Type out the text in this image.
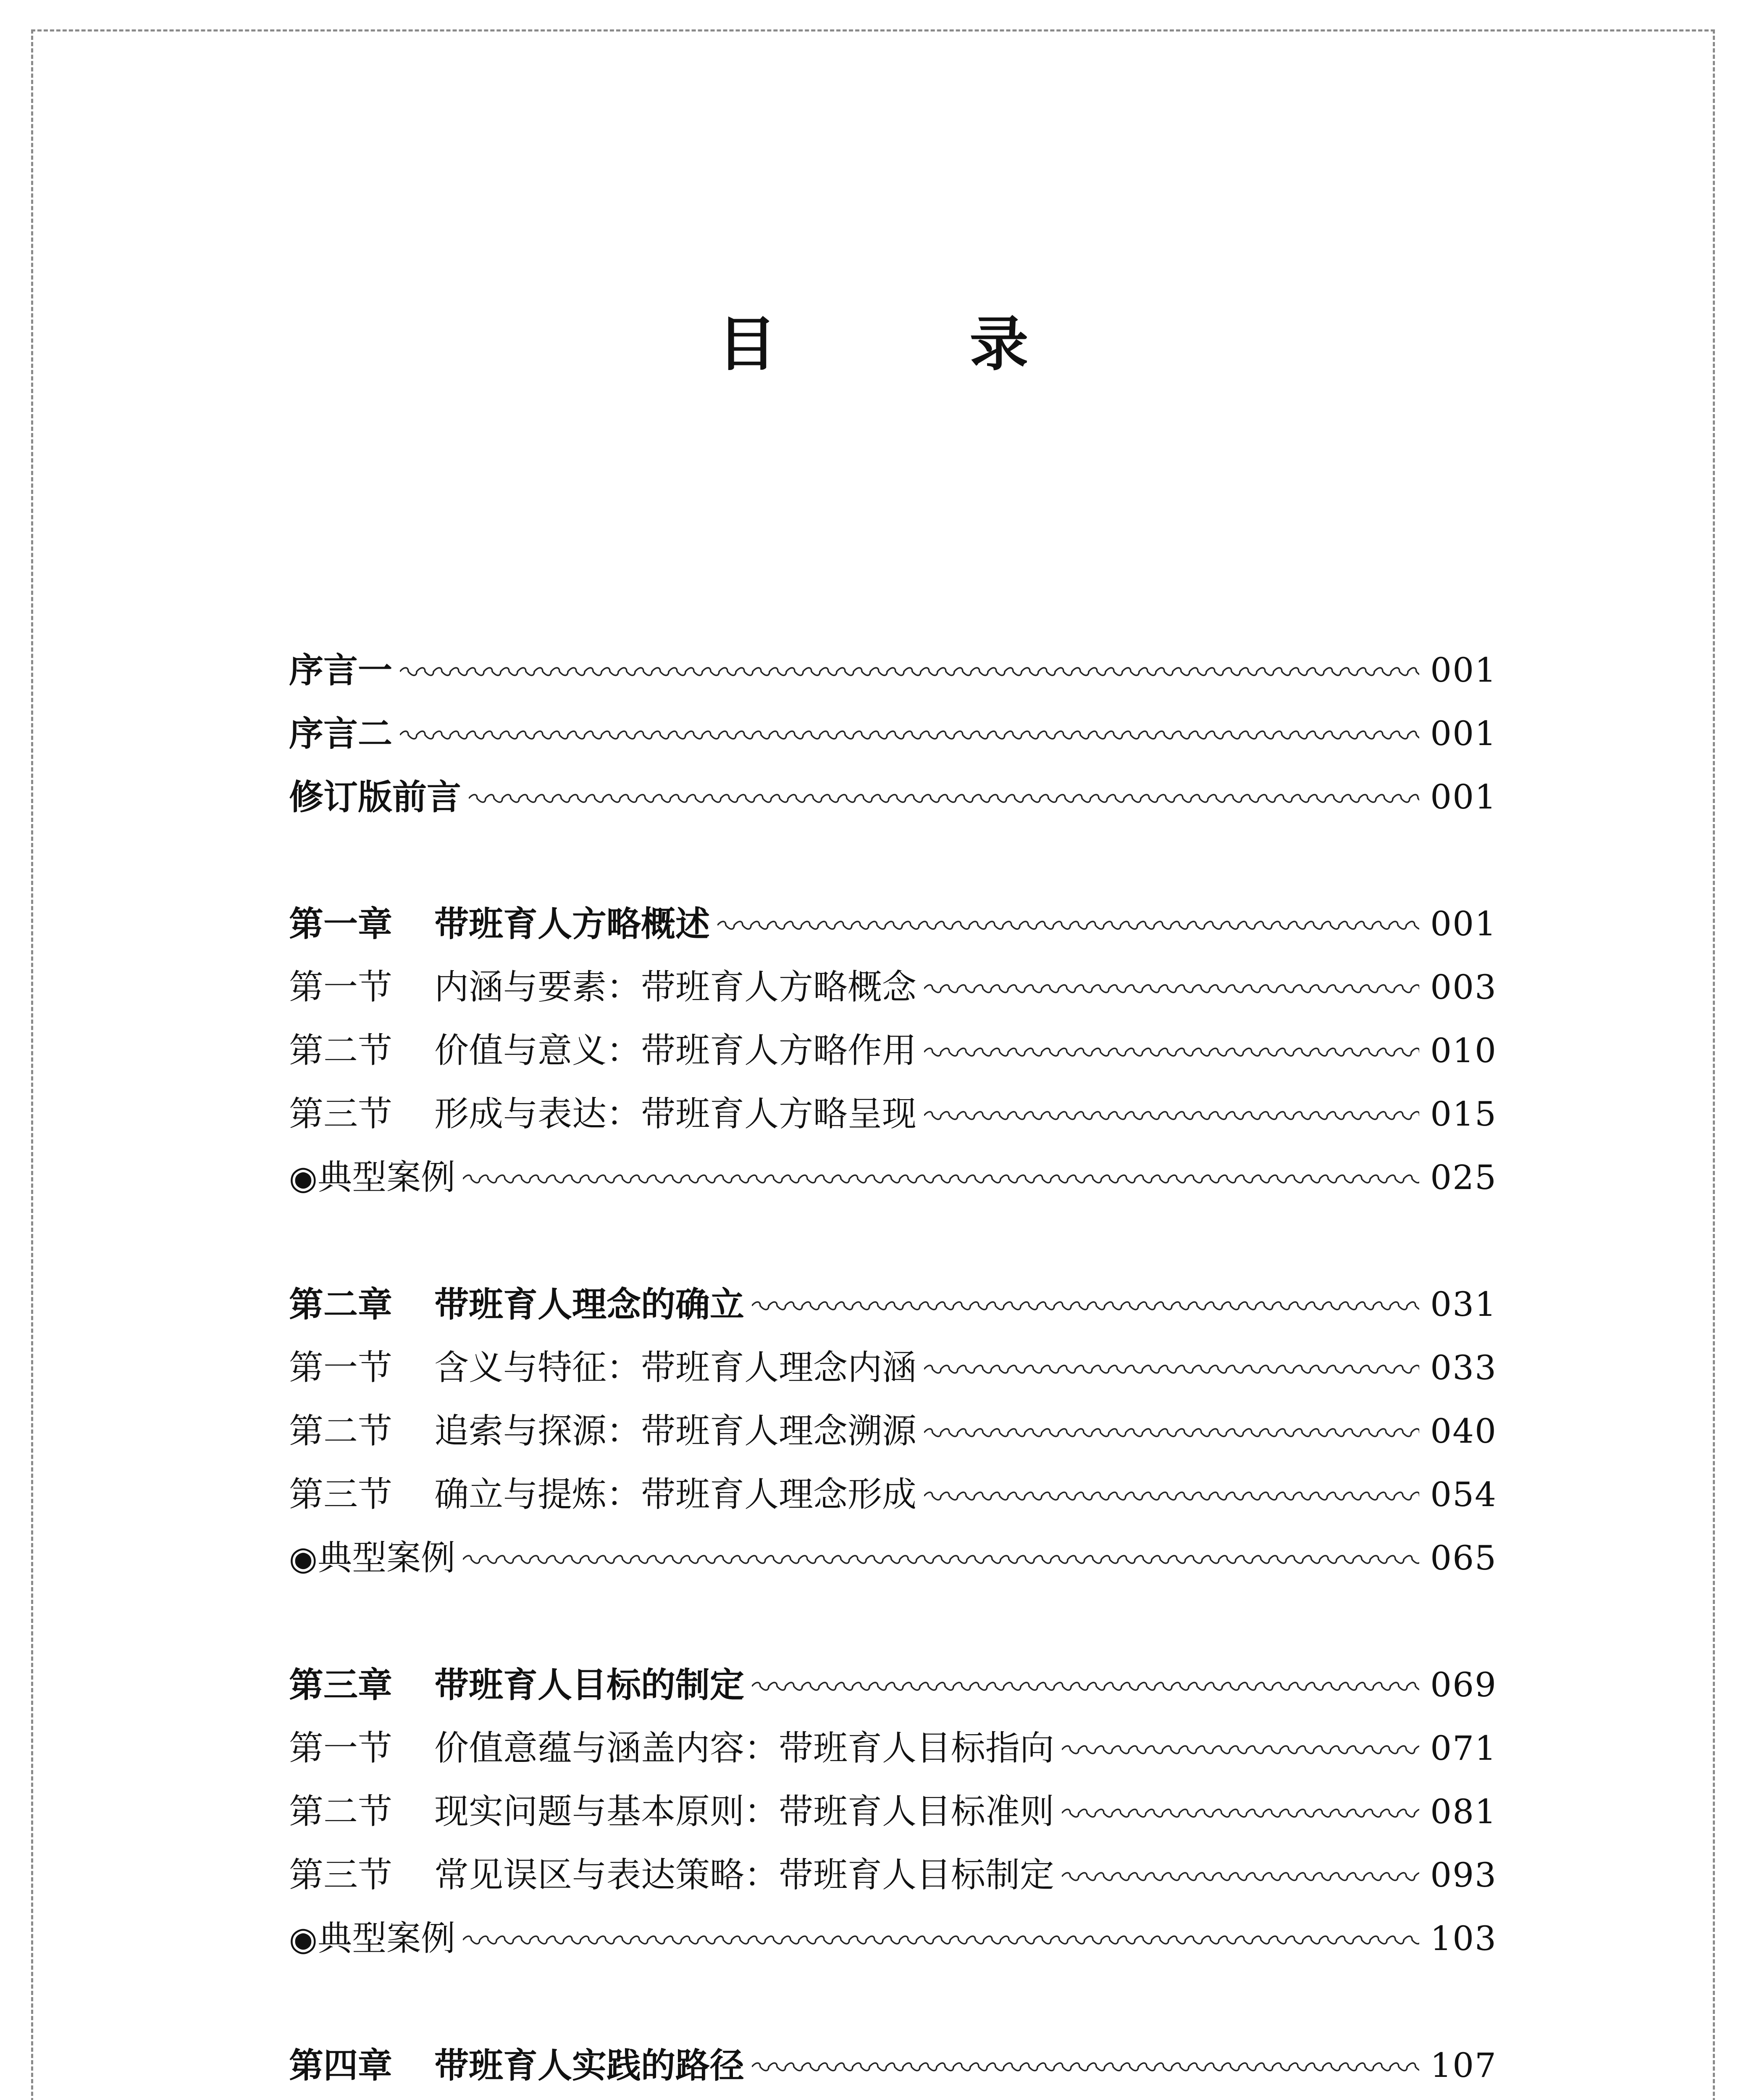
目　录
序言一	001
序言二	001
修订版前言	001
第一章 带班育人方略概述	001
第一节 内涵与要素：带班育人方略概念	003
第二节 价值与意义：带班育人方略作用	010
第三节 形成与表达：带班育人方略呈现	015
◉典型案例	025
第二章 带班育人理念的确立	031
第一节 含义与特征：带班育人理念内涵	033
第二节 追索与探源：带班育人理念溯源	040
第三节 确立与提炼：带班育人理念形成	054
◉典型案例	065
第三章 带班育人目标的制定	069
第一节 价值意蕴与涵盖内容：带班育人目标指向	071
第二节 现实问题与基本原则：带班育人目标准则	081
第三节 常见误区与表达策略：带班育人目标制定	093
◉典型案例	103
第四章 带班育人实践的路径	107
